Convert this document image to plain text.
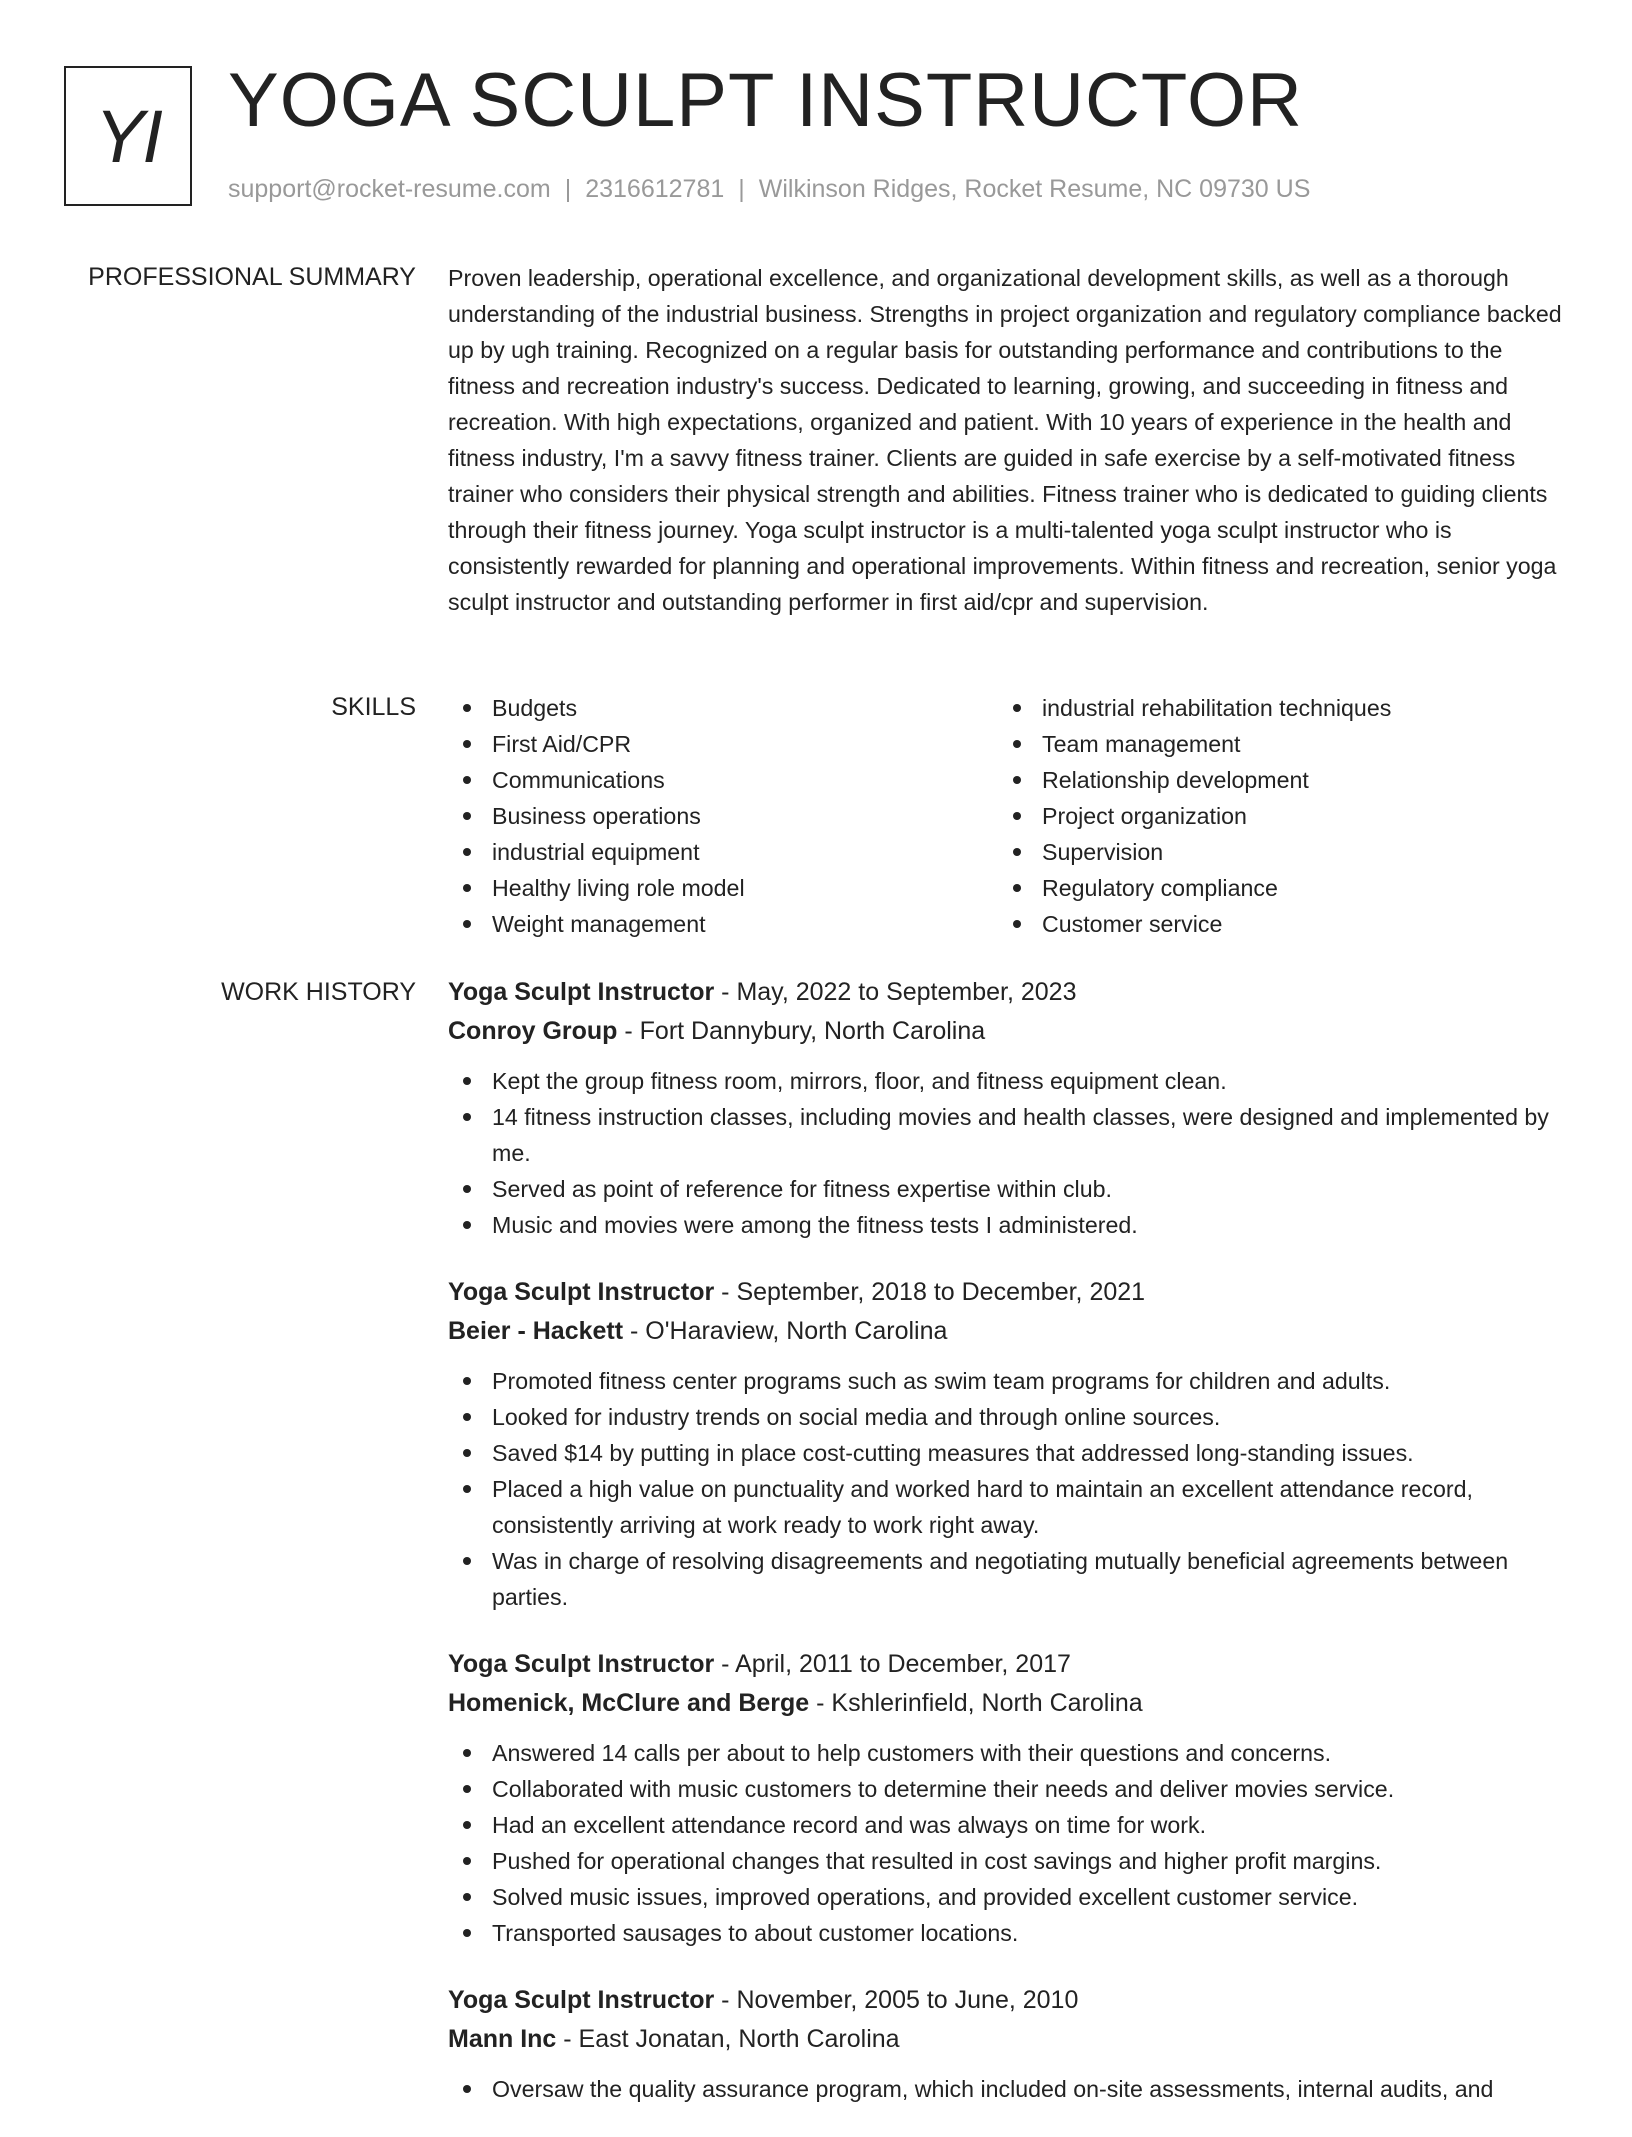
YI YOGA SCULPT INSTRUCTOR
support@rocket-resume.com | 2316612781 | Wilkinson Ridges, Rocket Resume, NC 09730 US
PROFESSIONAL SUMMARY Proven leadership, operational excellence, and organizational development skills, as well as a thorough understanding of the industrial business. Strengths in project organization and regulatory compliance backed up by ugh training. Recognized on a regular basis for outstanding performance and contributions to the fitness and recreation industry's success. Dedicated to learning, growing, and succeeding in fitness and recreation. With high expectations, organized and patient. With 10 years of experience in the health and fitness industry, I'm a savvy fitness trainer. Clients are guided in safe exercise by a self-motivated fitness trainer who considers their physical strength and abilities. Fitness trainer who is dedicated to guiding clients through their fitness journey. Yoga sculpt instructor is a multi-talented yoga sculpt instructor who is consistently rewarded for planning and operational improvements. Within fitness and recreation, senior yoga sculpt instructor and outstanding performer in first aid/cpr and supervision.

SKILLS	Budgets
First Aid/CPR
Communications
Business operations
industrial equipment
Healthy living role model
Weight management
industrial rehabilitation techniques
Team management
Relationship development
Project organization
Supervision
Regulatory compliance
Customer service
WORK HISTORY Yoga Sculpt Instructor - May, 2022 to September, 2023
Conroy Group - Fort Dannybury, North Carolina
Kept the group fitness room, mirrors, floor, and fitness equipment clean.
14 fitness instruction classes, including movies and health classes, were designed and implemented by me.
Served as point of reference for fitness expertise within club.
Music and movies were among the fitness tests I administered.
Yoga Sculpt Instructor - September, 2018 to December, 2021
Beier - Hackett - O'Haraview, North Carolina
Promoted fitness center programs such as swim team programs for children and adults.
Looked for industry trends on social media and through online sources.
Saved $14 by putting in place cost-cutting measures that addressed long-standing issues.
Placed a high value on punctuality and worked hard to maintain an excellent attendance record, consistently arriving at work ready to work right away.
Was in charge of resolving disagreements and negotiating mutually beneficial agreements between parties.
Yoga Sculpt Instructor - April, 2011 to December, 2017
Homenick, McClure and Berge - Kshlerinfield, North Carolina
Answered 14 calls per about to help customers with their questions and concerns.
Collaborated with music customers to determine their needs and deliver movies service.
Had an excellent attendance record and was always on time for work.
Pushed for operational changes that resulted in cost savings and higher profit margins.
Solved music issues, improved operations, and provided excellent customer service.
Transported sausages to about customer locations.
Yoga Sculpt Instructor - November, 2005 to June, 2010
Mann Inc - East Jonatan, North Carolina
Oversaw the quality assurance program, which included on-site assessments, internal audits, and
